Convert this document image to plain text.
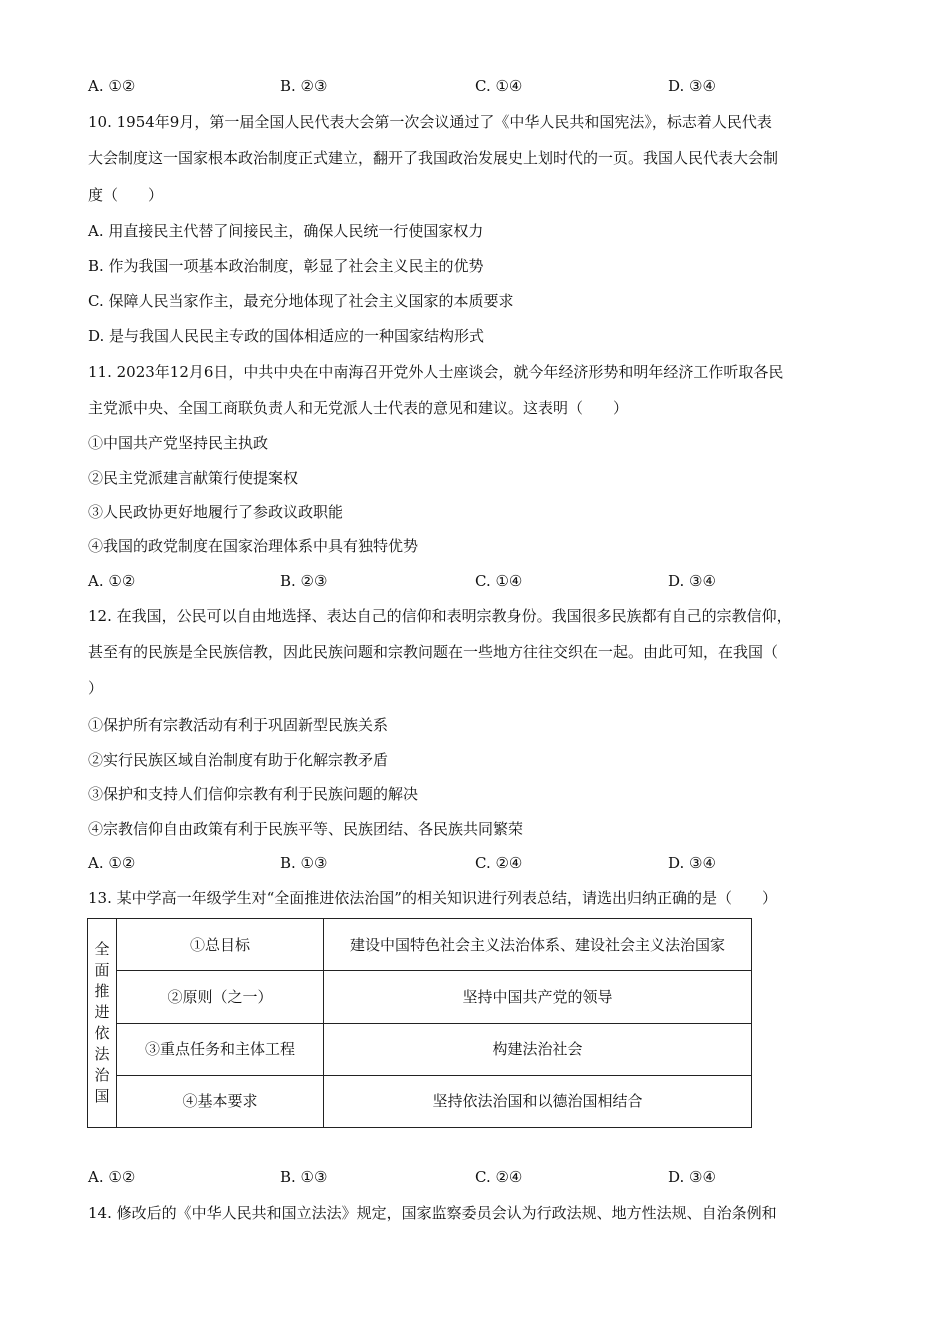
A. ①②	B. ②③	C. ①④	D. ③④
10. 1954年9月，第一届全国人民代表大会第一次会议通过了《中华人民共和国宪法》，标志着人民代表
大会制度这一国家根本政治制度正式建立，翻开了我国政治发展史上划时代的一页。我国人民代表大会制
度（　　）
A. 用直接民主代替了间接民主，确保人民统一行使国家权力
B. 作为我国一项基本政治制度，彰显了社会主义民主的优势
C. 保障人民当家作主，最充分地体现了社会主义国家的本质要求
D. 是与我国人民民主专政的国体相适应的一种国家结构形式
11. 2023年12月6日，中共中央在中南海召开党外人士座谈会，就今年经济形势和明年经济工作听取各民
主党派中央、全国工商联负责人和无党派人士代表的意见和建议。这表明（　　）
①中国共产党坚持民主执政
②民主党派建言献策行使提案权
③人民政协更好地履行了参政议政职能
④我国的政党制度在国家治理体系中具有独特优势
A. ①②	B. ②③	C. ①④	D. ③④
12. 在我国，公民可以自由地选择、表达自己的信仰和表明宗教身份。我国很多民族都有自己的宗教信仰，
甚至有的民族是全民族信教，因此民族问题和宗教问题在一些地方往往交织在一起。由此可知，在我国（
）
①保护所有宗教活动有利于巩固新型民族关系
②实行民族区域自治制度有助于化解宗教矛盾
③保护和支持人们信仰宗教有利于民族问题的解决
④宗教信仰自由政策有利于民族平等、民族团结、各民族共同繁荣
A. ①②	B. ①③	C. ②④	D. ③④
13. 某中学高一年级学生对“全面推进依法治国”的相关知识进行列表总结，请选出归纳正确的是（　　）
全面推进依法治国	①总目标	建设中国特色社会主义法治体系、建设社会主义法治国家
	②原则（之一）	坚持中国共产党的领导
	③重点任务和主体工程	构建法治社会
	④基本要求	坚持依法治国和以德治国相结合
A. ①②	B. ①③	C. ②④	D. ③④
14. 修改后的《中华人民共和国立法法》规定，国家监察委员会认为行政法规、地方性法规、自治条例和
